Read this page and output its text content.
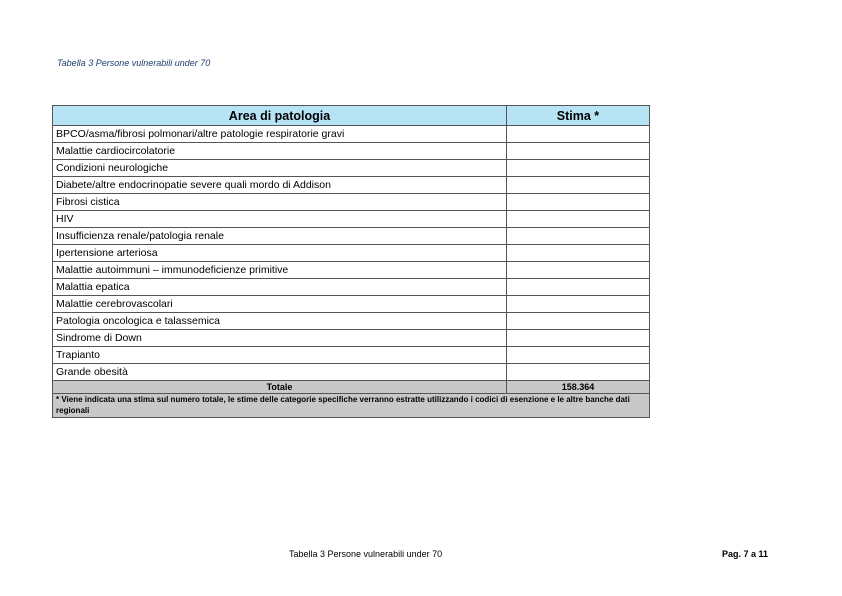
Tabella 3 Persone vulnerabili under 70
Area di patologia	Stima *
BPCO/asma/fibrosi polmonari/altre patologie respiratorie gravi	
Malattie cardiocircolatorie	
Condizioni neurologiche	
Diabete/altre endocrinopatie severe quali mordo di Addison	
Fibrosi cistica	
HIV	
Insufficienza renale/patologia renale	
Ipertensione arteriosa	
Malattie autoimmuni – immunodeficienze primitive	
Malattia epatica	
Malattie cerebrovascolari	
Patologia oncologica e talassemica	
Sindrome di Down	
Trapianto	
Grande obesità	
Totale	158.364
* Viene indicata una stima sul numero totale, le stime delle categorie specifiche verranno estratte utilizzando i codici di esenzione e le altre banche dati regionali	
Tabella 3 Persone vulnerabili under 70	Pag. 7 a 11
